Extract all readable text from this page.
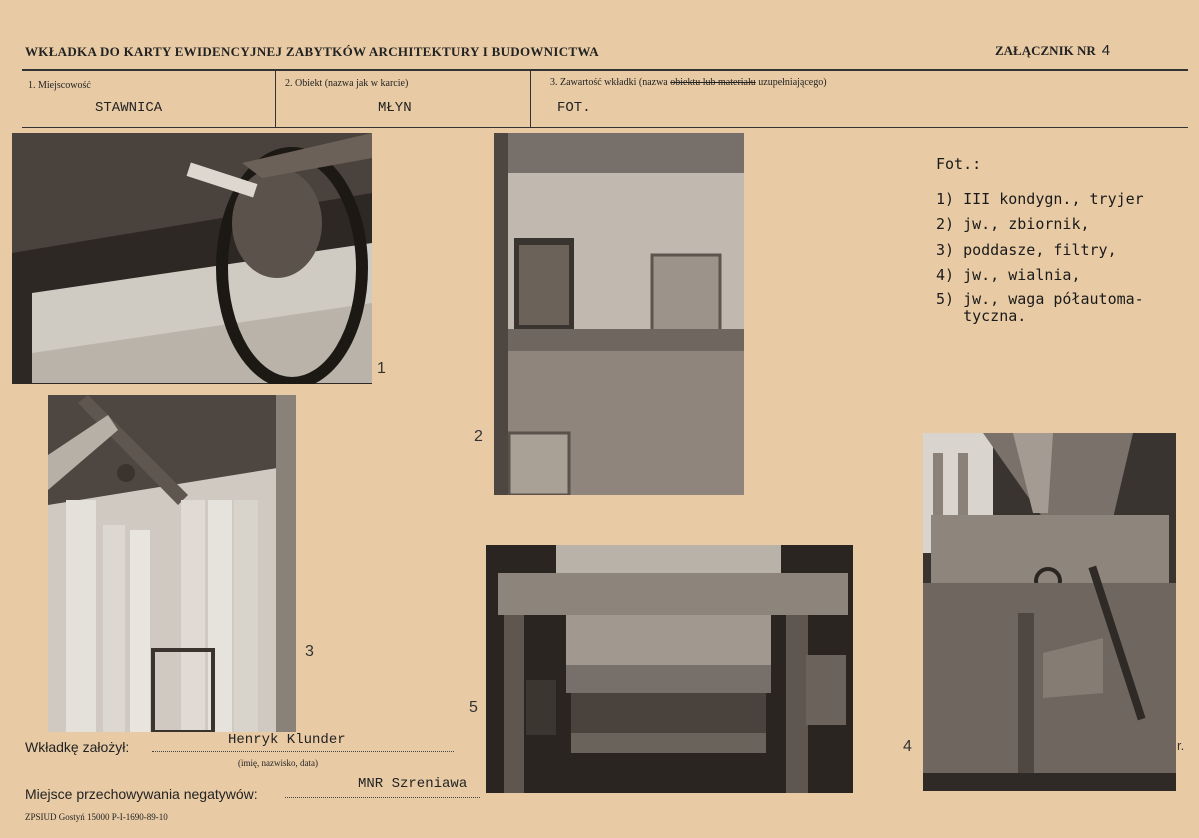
WKŁADKA DO KARTY EWIDENCYJNEJ ZABYTKÓW ARCHITEKTURY I BUDOWNICTWA	ZAŁĄCZNIK NR 4
1. Miejscowość
STAWNICA
2. Obiekt (nazwa jak w karcie)
MŁYN
3. Zawartość wkładki (nazwa obiektu lub materiału uzupełniającego)
FOT.
1
2
3
5
4	r.
Fot.:
1) III kondygn., tryjer
2) jw., zbiornik,
3) poddasze, filtry,
4) jw., wialnia,
5) jw., waga półautoma-
tyczna.
Wkładkę założył:	Henryk Klunder
(imię, nazwisko, data)
Miejsce przechowywania negatywów:
MNR Szreniawa
ZPSIUD Gostyń 15000 P-I-1690-89-10
